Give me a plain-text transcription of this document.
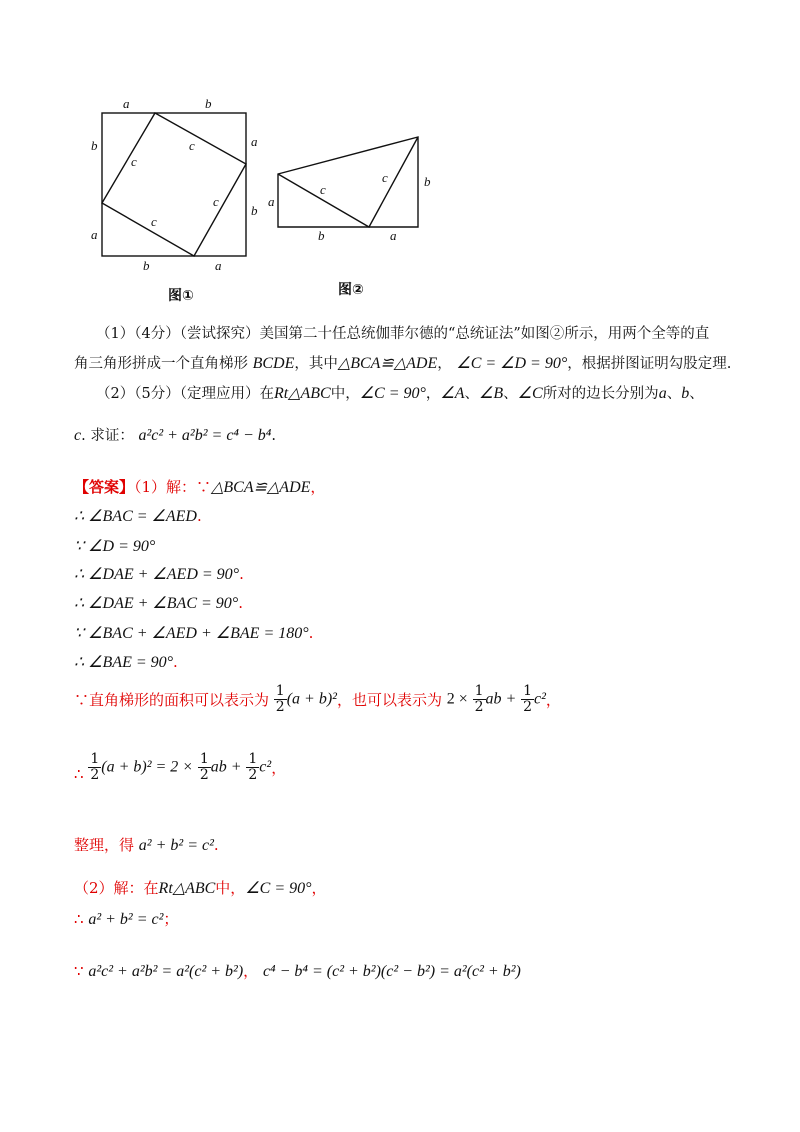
a	b
b
a
a
b
b	a
c
c
c
c
图①
a
b	a
b
c
c
图②
（1）（4分）（尝试探究）美国第二十任总统伽菲尔德的“总统证法”如图②所示，用两个全等的直
角三角形拼成一个直角梯形 BCDE，其中△BCA≌△ADE， ∠C = ∠D = 90°，根据拼图证明勾股定理.
（2）（5分）（定理应用）在Rt△ABC中，∠C = 90°，∠A、∠B、∠C所对的边长分别为a、b、
c. 求证： a²c² + a²b² = c⁴ − b⁴.
【答案】（1）解：∵△BCA≌△ADE，
∴ ∠BAC = ∠AED.
∵ ∠D = 90°
∴ ∠DAE + ∠AED = 90°.
∴ ∠DAE + ∠BAC = 90°.
∵ ∠BAC + ∠AED + ∠BAE = 180°.
∴ ∠BAE = 90°.
∵直角梯形的面积可以表示为 $\frac{1}{2} (a + b)^2$，也可以表示为 $2 \times \frac{1}{2}$ ab + $\frac{1}{2} c^2$，
∴ $\frac{1}{2} (a + b)^2 = 2 \times \frac{1}{2}$ ab + $\frac{1}{2} c^2$，
整理，得 a² + b² = c².
（2）解：在Rt△ABC中，∠C = 90°，
∴ a² + b² = c²；
∵ a²c² + a²b² = a²(c² + b²)， c⁴ − b⁴ = (c² + b²)(c² − b²) = a²(c² + b²)
